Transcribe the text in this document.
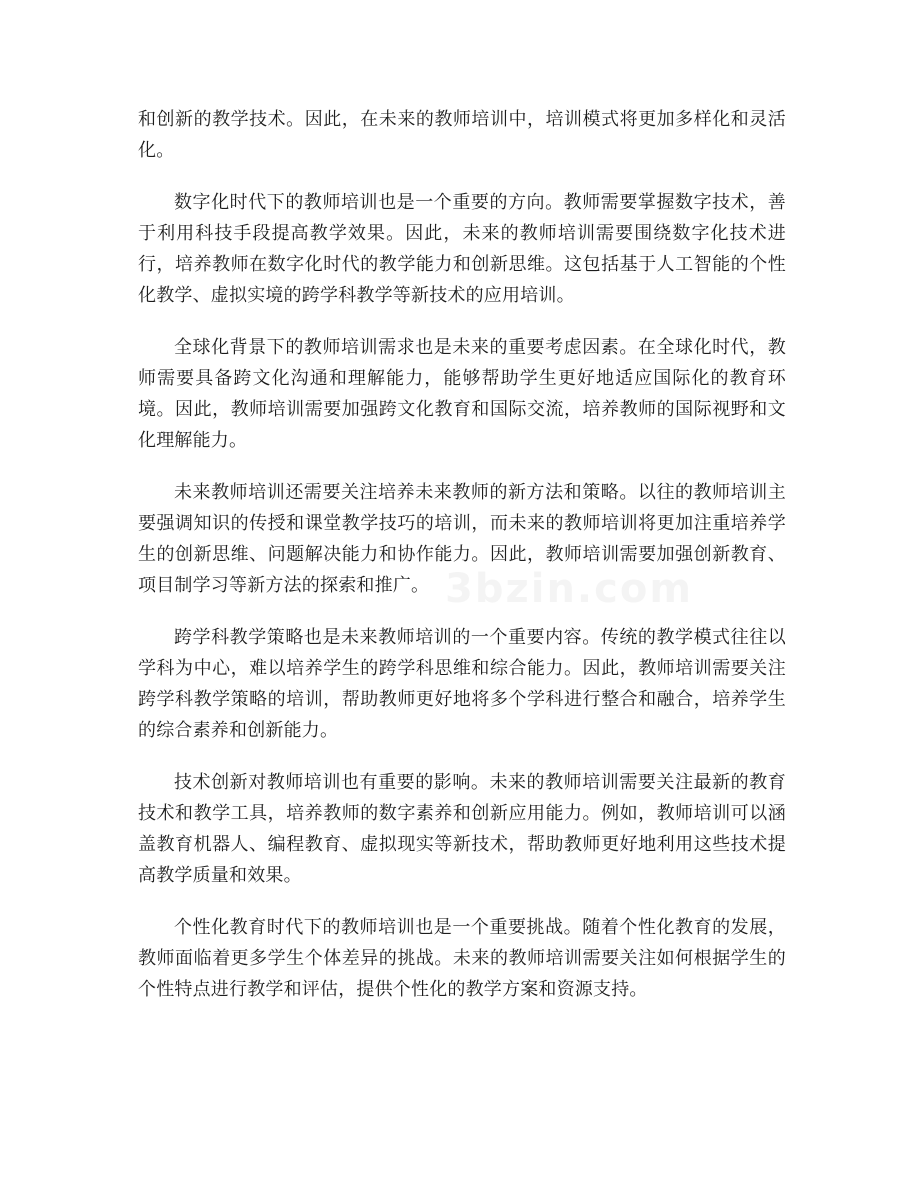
和创新的教学技术。因此，在未来的教师培训中，培训模式将更加多样化和灵活化。

数字化时代下的教师培训也是一个重要的方向。教师需要掌握数字技术，善于利用科技手段提高教学效果。因此，未来的教师培训需要围绕数字化技术进行，培养教师在数字化时代的教学能力和创新思维。这包括基于人工智能的个性化教学、虚拟实境的跨学科教学等新技术的应用培训。

全球化背景下的教师培训需求也是未来的重要考虑因素。在全球化时代，教师需要具备跨文化沟通和理解能力，能够帮助学生更好地适应国际化的教育环境。因此，教师培训需要加强跨文化教育和国际交流，培养教师的国际视野和文化理解能力。

未来教师培训还需要关注培养未来教师的新方法和策略。以往的教师培训主要强调知识的传授和课堂教学技巧的培训，而未来的教师培训将更加注重培养学生的创新思维、问题解决能力和协作能力。因此，教师培训需要加强创新教育、项目制学习等新方法的探索和推广。

跨学科教学策略也是未来教师培训的一个重要内容。传统的教学模式往往以学科为中心，难以培养学生的跨学科思维和综合能力。因此，教师培训需要关注跨学科教学策略的培训，帮助教师更好地将多个学科进行整合和融合，培养学生的综合素养和创新能力。

技术创新对教师培训也有重要的影响。未来的教师培训需要关注最新的教育技术和教学工具，培养教师的数字素养和创新应用能力。例如，教师培训可以涵盖教育机器人、编程教育、虚拟现实等新技术，帮助教师更好地利用这些技术提高教学质量和效果。

个性化教育时代下的教师培训也是一个重要挑战。随着个性化教育的发展，教师面临着更多学生个体差异的挑战。未来的教师培训需要关注如何根据学生的个性特点进行教学和评估，提供个性化的教学方案和资源支持。

3bzin.com
